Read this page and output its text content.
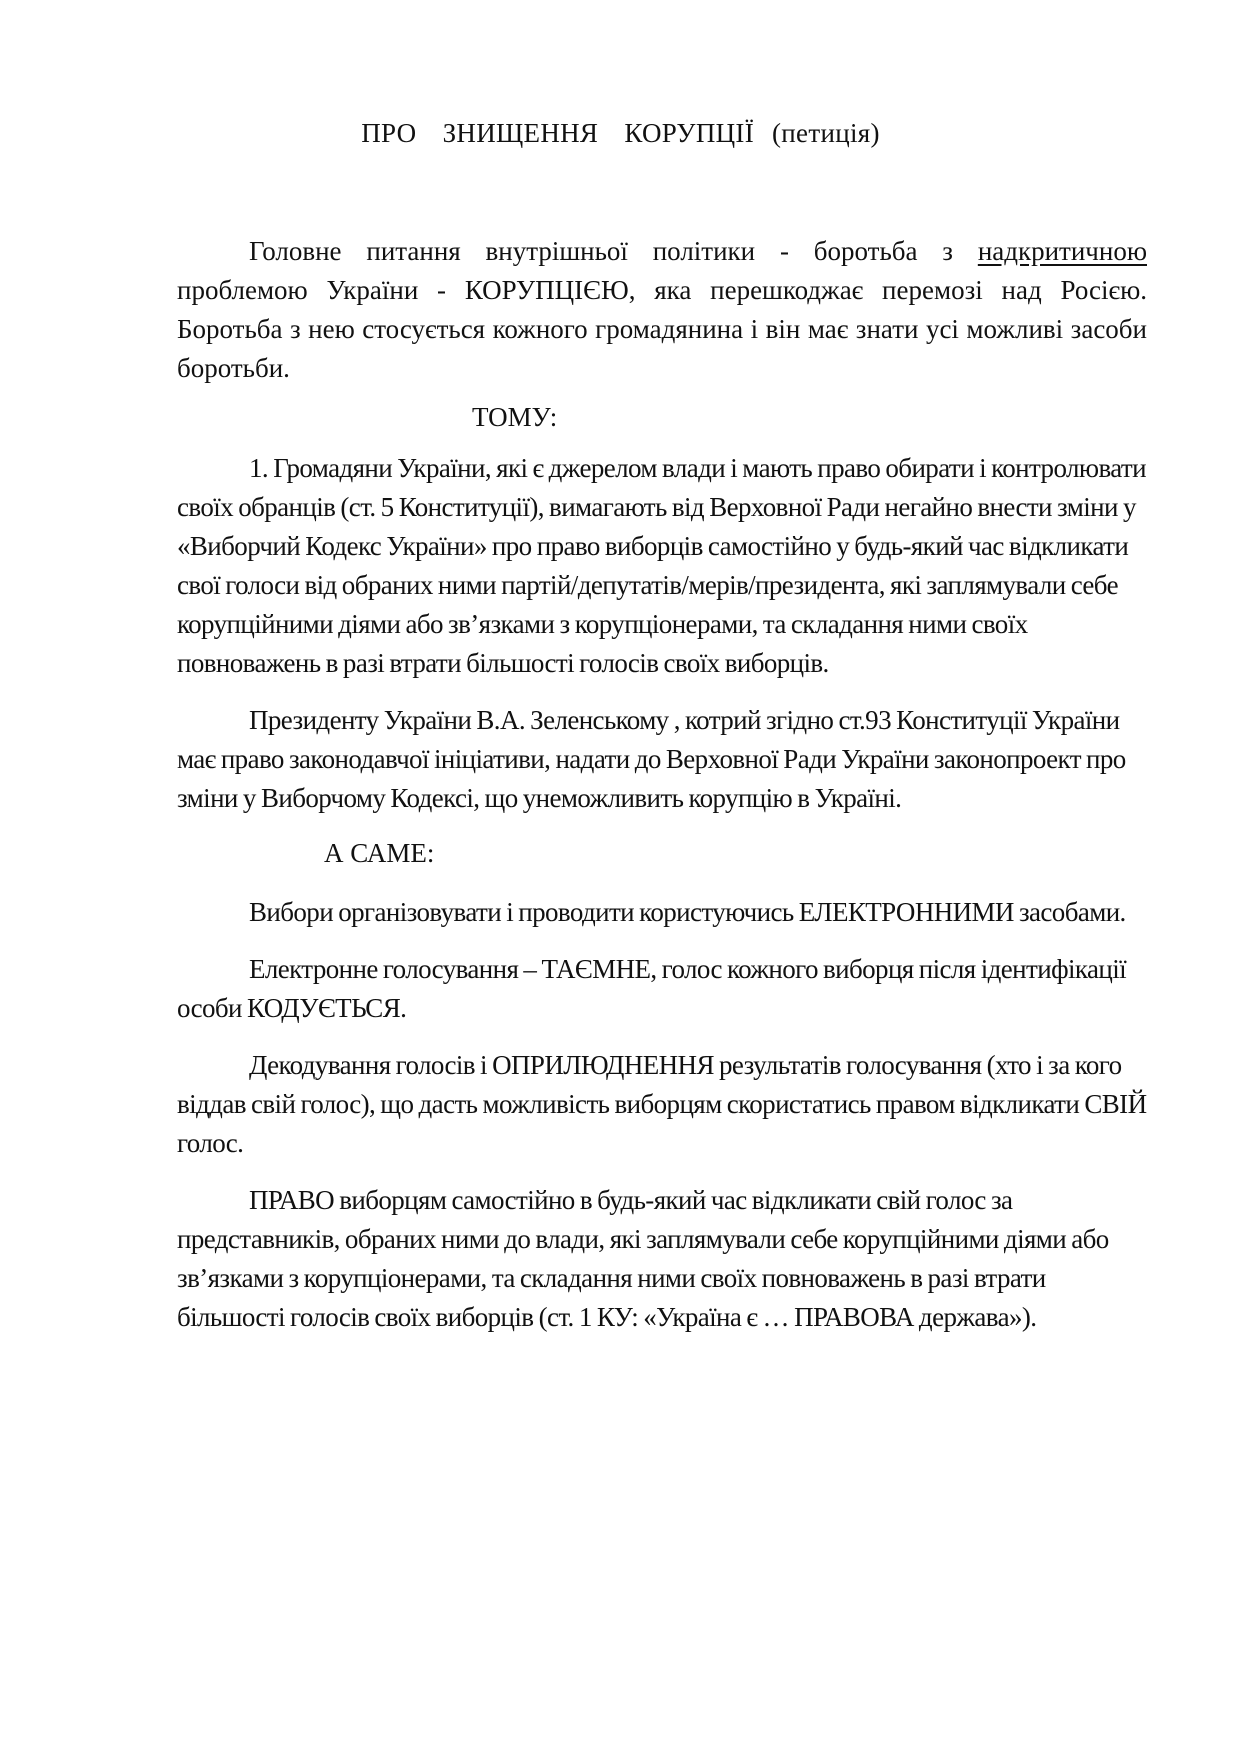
ПРО  ЗНИЩЕННЯ  КОРУПЦІЇ (петиція)

Головне питання внутрішньої політики - боротьба з надкритичною проблемою України - КОРУПЦІЄЮ, яка перешкоджає перемозі над Росією. Боротьба з нею стосується кожного громадянина і він має знати усі можливі засоби боротьби.

ТОМУ:

1. Громадяни України, які є джерелом влади і мають право обирати і контролювати своїх обранців (ст. 5 Конституції), вимагають від Верховної Ради негайно внести зміни у «Виборчий Кодекс України» про право виборців самостійно у будь-який час відкликати свої голоси від обраних ними партій/депутатів/мерів/президента, які заплямували себе корупційними діями або зв’язками з корупціонерами, та складання ними своїх повноважень в разі втрати більшості голосів своїх виборців.

Президенту України В.А. Зеленському , котрий згідно ст.93 Конституції України має право законодавчої ініціативи, надати до Верховної Ради України законопроект про зміни у Виборчому Кодексі, що унеможливить корупцію в Україні.

А САМЕ:

Вибори організовувати і проводити користуючись ЕЛЕКТРОННИМИ засобами.

Електронне голосування – ТАЄМНЕ, голос кожного виборця після ідентифікації особи КОДУЄТЬСЯ.

Декодування голосів і ОПРИЛЮДНЕННЯ результатів голосування (хто і за кого віддав свій голос), що дасть можливість виборцям скористатись правом відкликати СВІЙ голос.

ПРАВО виборцям самостійно в будь-який час відкликати свій голос за представників, обраних ними до влади, які заплямували себе корупційними діями або зв’язками з корупціонерами, та складання ними своїх повноважень в разі втрати більшості голосів своїх виборців (ст. 1 КУ: «Україна є … ПРАВОВА держава»).
